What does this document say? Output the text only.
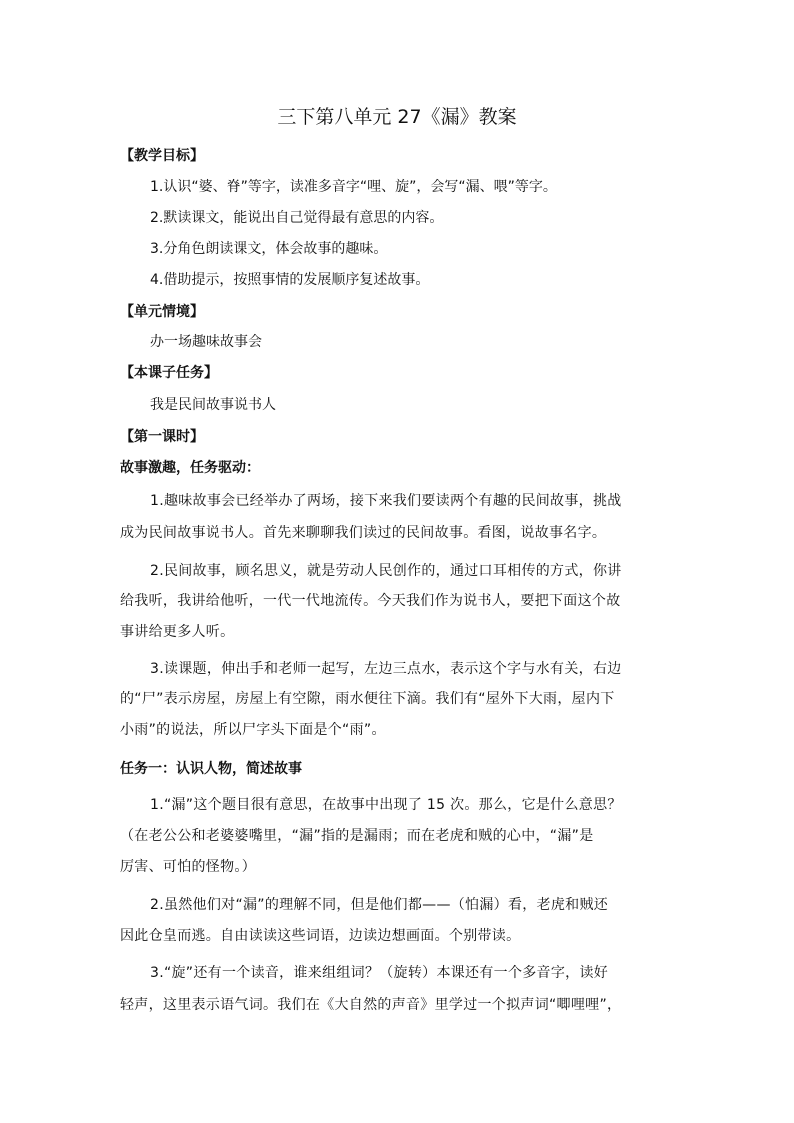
三下第八单元 27《漏》教案
【教学目标】
1.认识“婆、脊”等字，读准多音字“哩、旋”，会写“漏、喂”等字。
2.默读课文，能说出自己觉得最有意思的内容。
3.分角色朗读课文，体会故事的趣味。
4.借助提示，按照事情的发展顺序复述故事。
【单元情境】
办一场趣味故事会
【本课子任务】
我是民间故事说书人
【第一课时】
故事激趣，任务驱动：
1.趣味故事会已经举办了两场，接下来我们要读两个有趣的民间故事，挑战
成为民间故事说书人。首先来聊聊我们读过的民间故事。看图，说故事名字。
2.民间故事，顾名思义，就是劳动人民创作的，通过口耳相传的方式，你讲
给我听，我讲给他听，一代一代地流传。今天我们作为说书人，要把下面这个故
事讲给更多人听。
3.读课题，伸出手和老师一起写，左边三点水，表示这个字与水有关，右边
的“尸”表示房屋，房屋上有空隙，雨水便往下滴。我们有“屋外下大雨，屋内下
小雨”的说法，所以尸字头下面是个“雨”。
任务一：认识人物，简述故事
1.“漏”这个题目很有意思，在故事中出现了 15 次。那么，它是什么意思？
（在老公公和老婆婆嘴里，“漏”指的是漏雨；而在老虎和贼的心中，“漏”是
厉害、可怕的怪物。）
2.虽然他们对“漏”的理解不同，但是他们都——（怕漏）看，老虎和贼还
因此仓皇而逃。自由读读这些词语，边读边想画面。个别带读。
3.“旋”还有一个读音，谁来组组词？（旋转）本课还有一个多音字，读好
轻声，这里表示语气词。我们在《大自然的声音》里学过一个拟声词“唧哩哩”，
